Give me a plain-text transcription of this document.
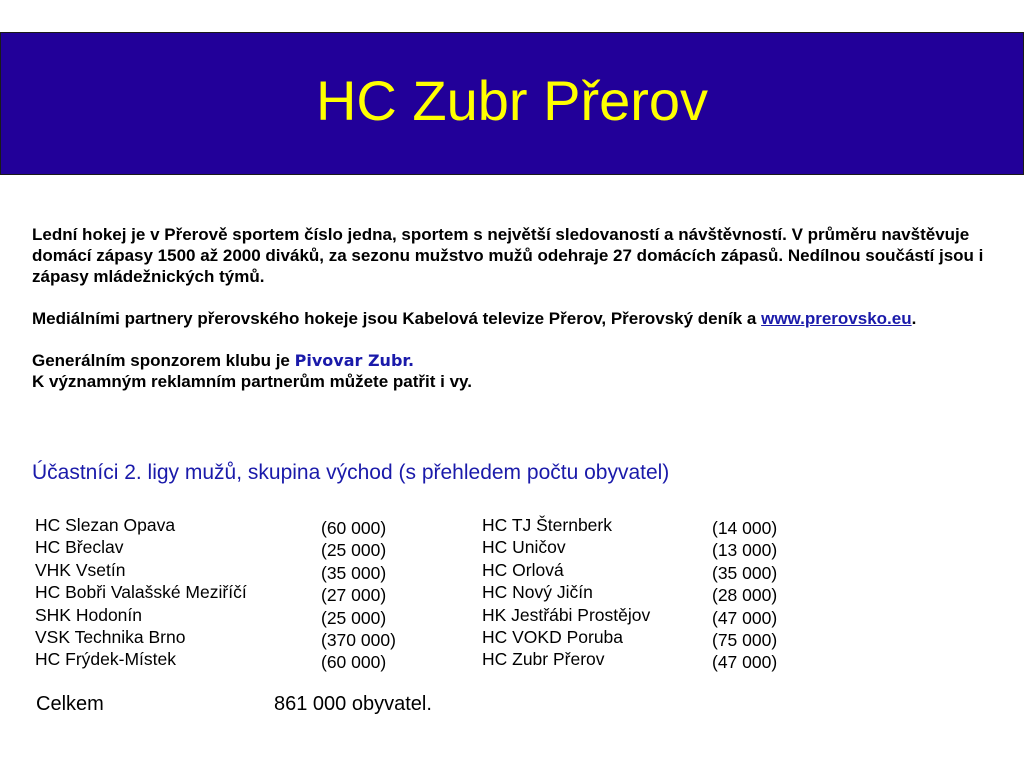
HC Zubr Přerov

Lední hokej je v Přerově sportem číslo jedna, sportem s největší sledovaností a návštěvností. V průměru navštěvuje domácí zápasy 1500 až 2000 diváků, za sezonu mužstvo mužů odehraje 27 domácích zápasů. Nedílnou součástí jsou i zápasy mládežnických týmů.

Mediálními partnery přerovského hokeje jsou Kabelová televize Přerov, Přerovský deník a www.prerovsko.eu.

Generálním sponzorem klubu je Pivovar Zubr.

K významným reklamním partnerům můžete patřit i vy.

Účastníci 2. ligy mužů, skupina východ (s přehledem počtu obyvatel)
HC Slezan Opava
HC Břeclav
VHK Vsetín
HC Bobři Valašské Meziříčí
SHK Hodonín
VSK Technika Brno
HC Frýdek-Místek
(60 000)
(25 000)
(35 000)
(27 000)
(25 000)
(370 000)
(60 000)
HC TJ Šternberk
HC Uničov
HC Orlová
HC Nový Jičín
HK Jestřábi Prostějov
HC VOKD Poruba
HC Zubr Přerov
(14 000)
(13 000)
(35 000)
(28 000)
(47 000)
(75 000)
(47 000)
Celkem	861 000 obyvatel.
